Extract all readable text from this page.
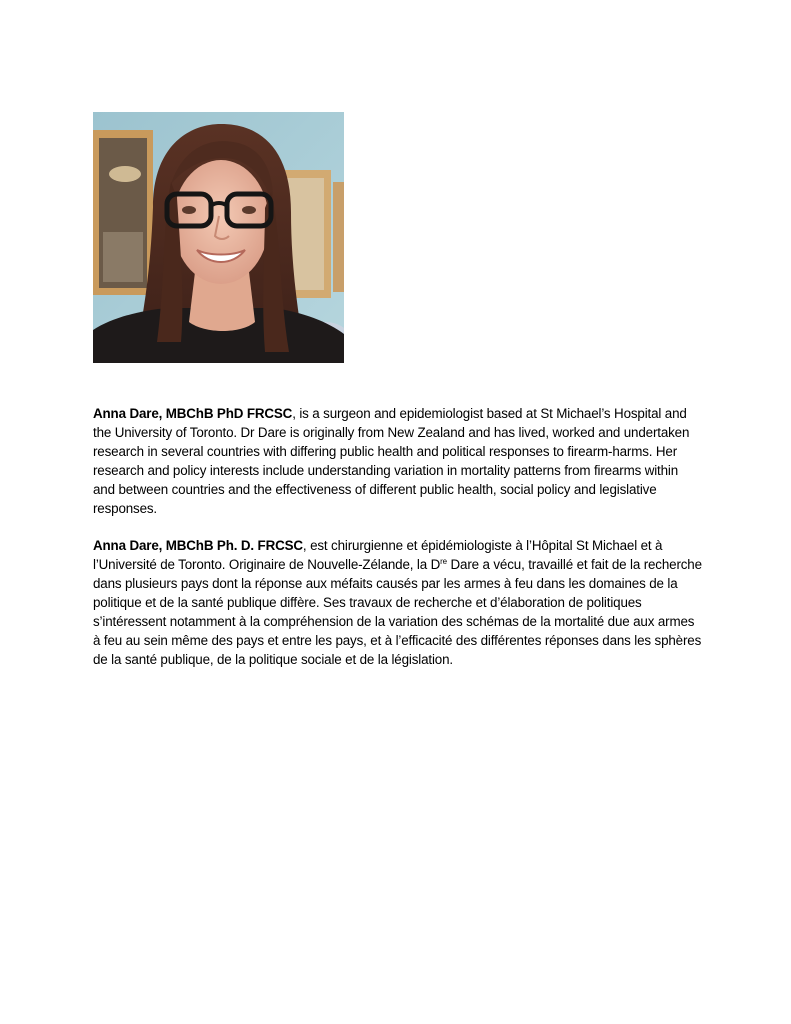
Anna Dare, MBChB PhD FRCSC, is a surgeon and epidemiologist based at St Michael’s Hospital and the University of Toronto. Dr Dare is originally from New Zealand and has lived, worked and undertaken research in several countries with differing public health and political responses to firearm-harms. Her research and policy interests include understanding variation in mortality patterns from firearms within and between countries and the effectiveness of different public health, social policy and legislative responses.

Anna Dare, MBChB Ph. D. FRCSC, est chirurgienne et épidémiologiste à l’Hôpital St Michael et à l’Université de Toronto. Originaire de Nouvelle-Zélande, la Dre Dare a vécu, travaillé et fait de la recherche dans plusieurs pays dont la réponse aux méfaits causés par les armes à feu dans les domaines de la politique et de la santé publique diffère. Ses travaux de recherche et d’élaboration de politiques s’intéressent notamment à la compréhension de la variation des schémas de la mortalité due aux armes à feu au sein même des pays et entre les pays, et à l’efficacité des différentes réponses dans les sphères de la santé publique, de la politique sociale et de la législation.
